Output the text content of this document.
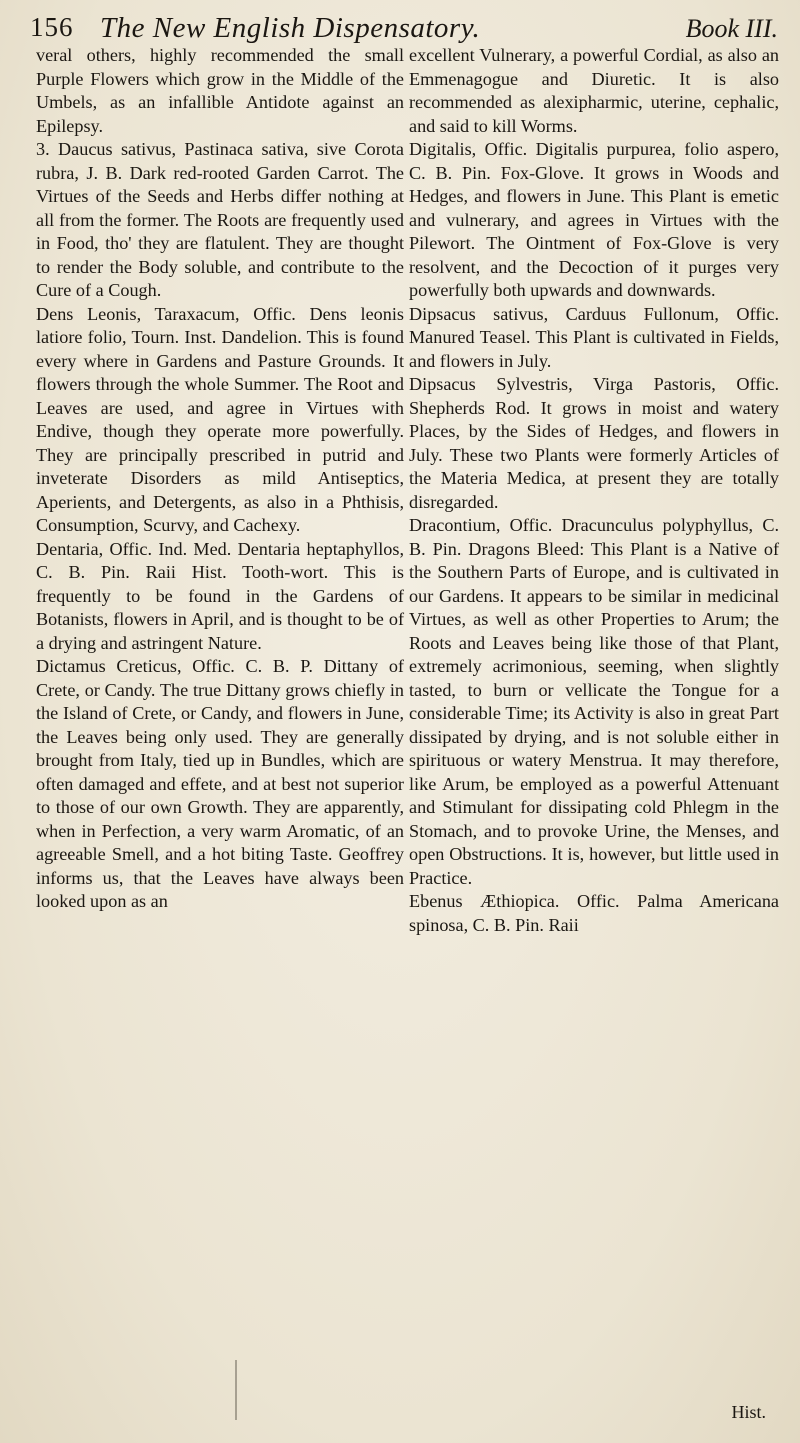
156 The New English Dispensatory.	Book III.

veral others, highly recommended the small Purple Flowers which grow in the Middle of the Umbels, as an infallible Antidote against an Epilepsy.

3. Daucus sativus, Pastinaca sativa, sive Corota rubra, J. B. Dark red-rooted Garden Carrot. The Virtues of the Seeds and Herbs differ nothing at all from the former. The Roots are frequently used in Food, tho' they are flatulent. They are thought to render the Body soluble, and contribute to the Cure of a Cough.

Dens Leonis, Taraxacum, Offic. Dens leonis latiore folio, Tourn. Inst. Dandelion. This is found every where in Gardens and Pasture Grounds. It flowers through the whole Summer. The Root and Leaves are used, and agree in Virtues with Endive, though they operate more powerfully. They are principally prescribed in putrid and inveterate Disorders as mild Antiseptics, Aperients, and Detergents, as also in a Phthisis, Consumption, Scurvy, and Cachexy.

Dentaria, Offic. Ind. Med. Dentaria heptaphyllos, C. B. Pin. Raii Hist. Tooth-wort. This is frequently to be found in the Gardens of Botanists, flowers in April, and is thought to be of a drying and astringent Nature.

Dictamus Creticus, Offic. C. B. P. Dittany of Crete, or Candy. The true Dittany grows chiefly in the Island of Crete, or Candy, and flowers in June, the Leaves being only used. They are generally brought from Italy, tied up in Bundles, which are often damaged and effete, and at best not superior to those of our own Growth. They are apparently, when in Perfection, a very warm Aromatic, of an agreeable Smell, and a hot biting Taste. Geoffrey informs us, that the Leaves have always been looked upon as an

excellent Vulnerary, a powerful Cordial, as also an Emmenagogue and Diuretic. It is also recommended as alexipharmic, uterine, cephalic, and said to kill Worms.

Digitalis, Offic. Digitalis purpurea, folio aspero, C. B. Pin. Fox-Glove. It grows in Woods and Hedges, and flowers in June. This Plant is emetic and vulnerary, and agrees in Virtues with the Pilewort. The Ointment of Fox-Glove is very resolvent, and the Decoction of it purges very powerfully both upwards and downwards.

Dipsacus sativus, Carduus Fullonum, Offic. Manured Teasel. This Plant is cultivated in Fields, and flowers in July.

Dipsacus Sylvestris, Virga Pastoris, Offic. Shepherds Rod. It grows in moist and watery Places, by the Sides of Hedges, and flowers in July. These two Plants were formerly Articles of the Materia Medica, at present they are totally disregarded.

Dracontium, Offic. Dracunculus polyphyllus, C. B. Pin. Dragons Bleed: This Plant is a Native of the Southern Parts of Europe, and is cultivated in our Gardens. It appears to be similar in medicinal Virtues, as well as other Properties to Arum; the Roots and Leaves being like those of that Plant, extremely acrimonious, seeming, when slightly tasted, to burn or vellicate the Tongue for a considerable Time; its Activity is also in great Part dissipated by drying, and is not soluble either in spirituous or watery Menstrua. It may therefore, like Arum, be employed as a powerful Attenuant and Stimulant for dissipating cold Phlegm in the Stomach, and to provoke Urine, the Menses, and open Obstructions. It is, however, but little used in Practice.

Ebenus Æthiopica. Offic. Palma Americana spinosa, C. B. Pin. Raii

Hist.
